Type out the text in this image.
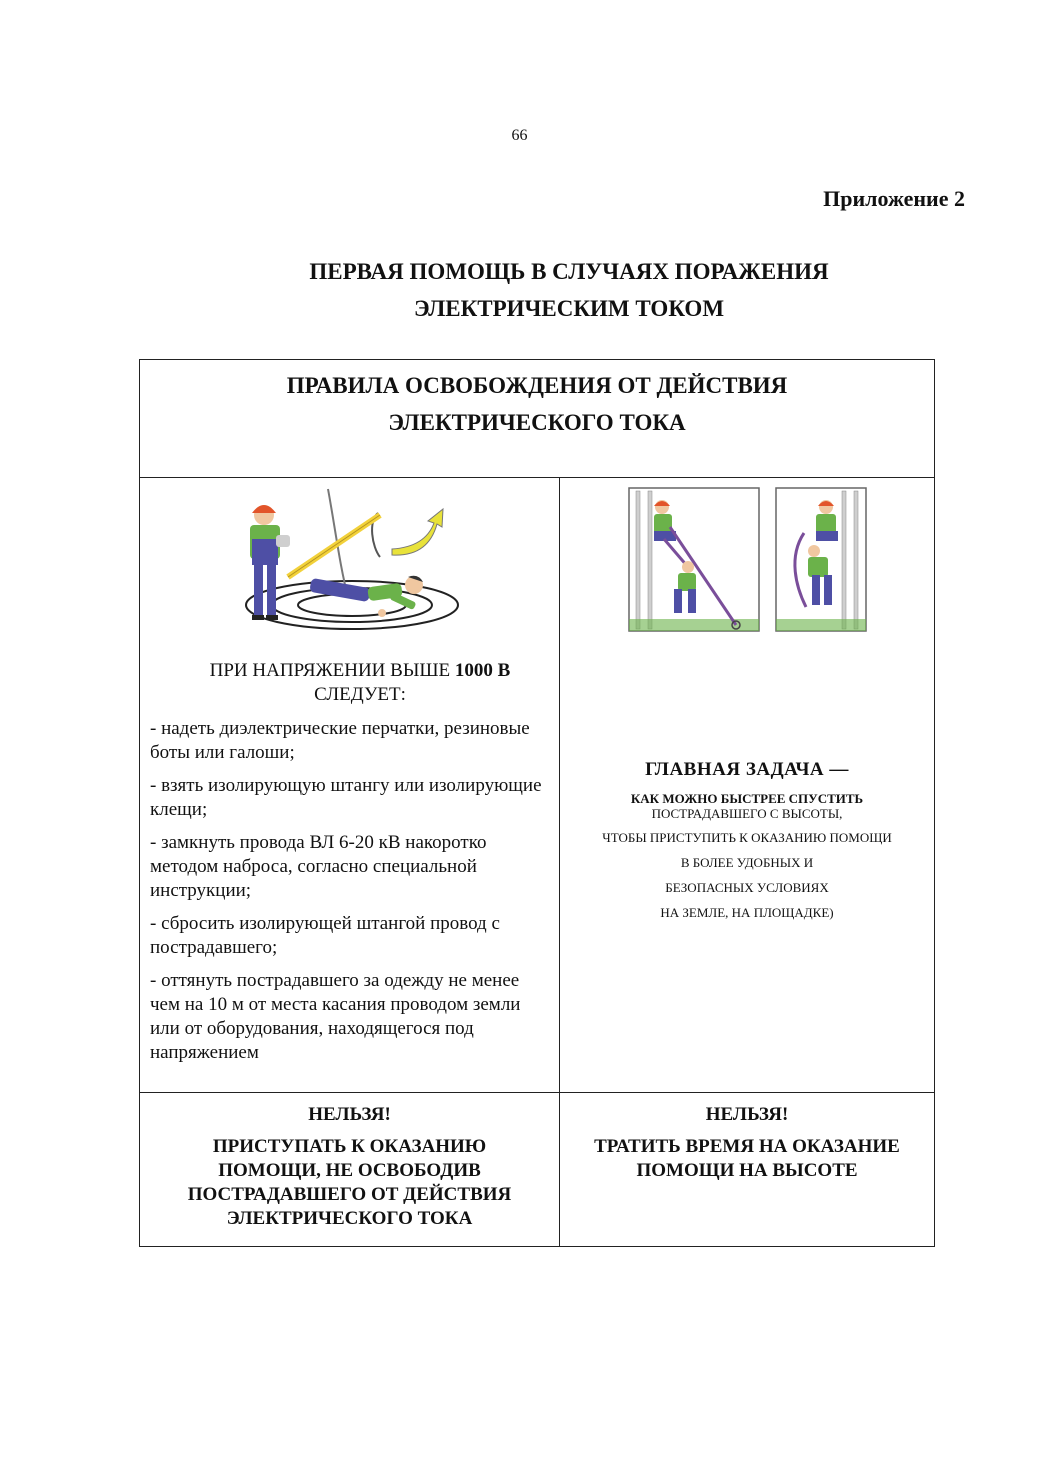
66
Приложение 2
ПЕРВАЯ ПОМОЩЬ В СЛУЧАЯХ ПОРАЖЕНИЯ
ЭЛЕКТРИЧЕСКИМ ТОКОМ
ПРАВИЛА ОСВОБОЖДЕНИЯ ОТ ДЕЙСТВИЯ
ЭЛЕКТРИЧЕСКОГО ТОКА
ПРИ НАПРЯЖЕНИИ ВЫШЕ 1000 В
СЛЕДУЕТ:
- надеть диэлектрические перчатки, резиновые боты или галоши;
- взять изолирующую штангу или изолирующие клещи;
- замкнуть провода ВЛ 6-20 кВ накоротко методом наброса, согласно специальной инструкции;
- сбросить изолирующей штангой провод с пострадавшего;
- оттянуть пострадавшего за одежду не менее чем на 10 м от места касания проводом земли или от оборудования, находящегося под напряжением
ГЛАВНАЯ ЗАДАЧА —
КАК МОЖНО БЫСТРЕЕ СПУСТИТЬ
ПОСТРАДАВШЕГО С ВЫСОТЫ,
ЧТОБЫ ПРИСТУПИТЬ К ОКАЗАНИЮ ПОМОЩИ
В БОЛЕЕ УДОБНЫХ И
БЕЗОПАСНЫХ УСЛОВИЯХ
НА ЗЕМЛЕ, НА ПЛОЩАДКЕ)
НЕЛЬЗЯ!
ПРИСТУПАТЬ К ОКАЗАНИЮ ПОМОЩИ, НЕ ОСВОБОДИВ ПОСТРАДАВШЕГО ОТ ДЕЙСТВИЯ ЭЛЕКТРИЧЕСКОГО ТОКА
НЕЛЬЗЯ!
ТРАТИТЬ ВРЕМЯ НА ОКАЗАНИЕ ПОМОЩИ НА ВЫСОТЕ
